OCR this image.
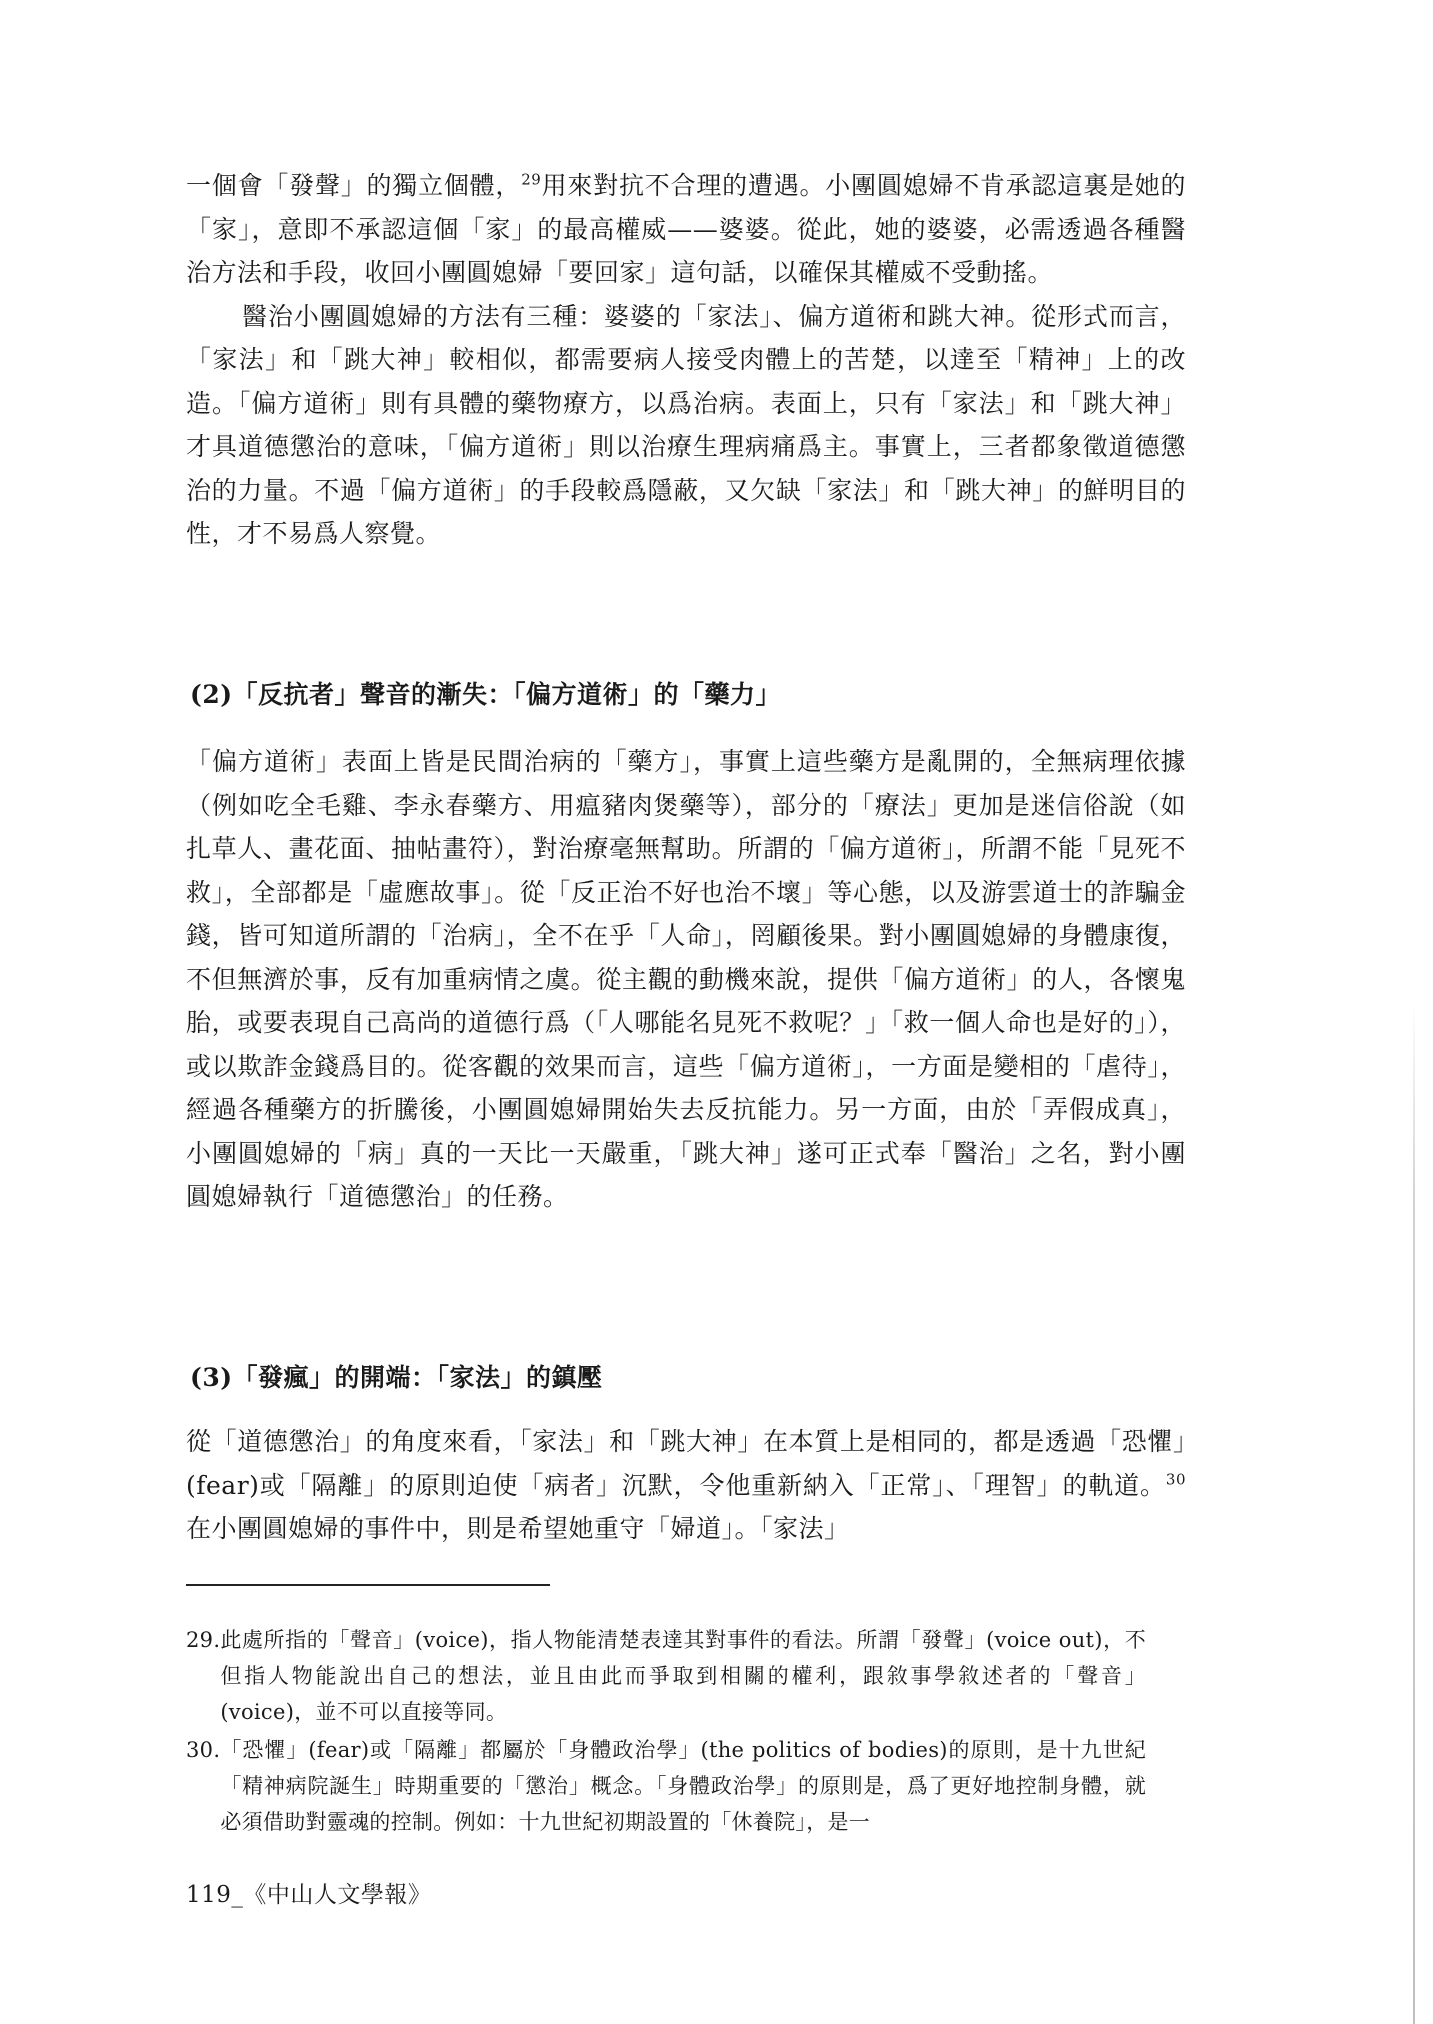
一個會「發聲」的獨立個體，$^{29}$用來對抗不合理的遭遇。小團圓媳婦不肯承認這裏是她的「家」，意即不承認這個「家」的最高權威——婆婆。從此，她的婆婆，必需透過各種醫治方法和手段，收回小團圓媳婦「要回家」這句話，以確保其權威不受動搖。

醫治小團圓媳婦的方法有三種：婆婆的「家法」、偏方道術和跳大神。從形式而言，「家法」和「跳大神」較相似，都需要病人接受肉體上的苦楚，以達至「精神」上的改造。「偏方道術」則有具體的藥物療方，以爲治病。表面上，只有「家法」和「跳大神」才具道德懲治的意味，「偏方道術」則以治療生理病痛爲主。事實上，三者都象徵道德懲治的力量。不過「偏方道術」的手段較爲隱蔽，又欠缺「家法」和「跳大神」的鮮明目的性，才不易爲人察覺。

(2)「反抗者」聲音的漸失：「偏方道術」的「藥力」

「偏方道術」表面上皆是民間治病的「藥方」，事實上這些藥方是亂開的，全無病理依據（例如吃全毛雞、李永春藥方、用瘟豬肉煲藥等），部分的「療法」更加是迷信俗說（如扎草人、畫花面、抽帖畫符），對治療毫無幫助。所謂的「偏方道術」，所謂不能「見死不救」，全部都是「虛應故事」。從「反正治不好也治不壞」等心態，以及游雲道士的詐騙金錢，皆可知道所謂的「治病」，全不在乎「人命」，罔顧後果。對小團圓媳婦的身體康復，不但無濟於事，反有加重病情之虞。從主觀的動機來說，提供「偏方道術」的人，各懷鬼胎，或要表現自己高尚的道德行爲（「人哪能名見死不救呢？」「救一個人命也是好的」），或以欺詐金錢爲目的。從客觀的效果而言，這些「偏方道術」，一方面是變相的「虐待」，經過各種藥方的折騰後，小團圓媳婦開始失去反抗能力。另一方面，由於「弄假成真」，小團圓媳婦的「病」真的一天比一天嚴重，「跳大神」遂可正式奉「醫治」之名，對小團圓媳婦執行「道德懲治」的任務。

(3)「發瘋」的開端：「家法」的鎮壓

從「道德懲治」的角度來看，「家法」和「跳大神」在本質上是相同的，都是透過「恐懼」(fear)或「隔離」的原則迫使「病者」沉默，令他重新納入「正常」、「理智」的軌道。$^{30}$在小團圓媳婦的事件中，則是希望她重守「婦道」。「家法」

29. 此處所指的「聲音」(voice)，指人物能清楚表達其對事件的看法。所謂「發聲」(voice out)，不但指人物能說出自己的想法，並且由此而爭取到相關的權利，跟敘事學敘述者的「聲音」(voice)，並不可以直接等同。
30. 「恐懼」(fear)或「隔離」都屬於「身體政治學」(the politics of bodies)的原則，是十九世紀「精神病院誕生」時期重要的「懲治」概念。「身體政治學」的原則是，爲了更好地控制身體，就必須借助對靈魂的控制。例如：十九世紀初期設置的「休養院」，是一
119_《中山人文學報》
